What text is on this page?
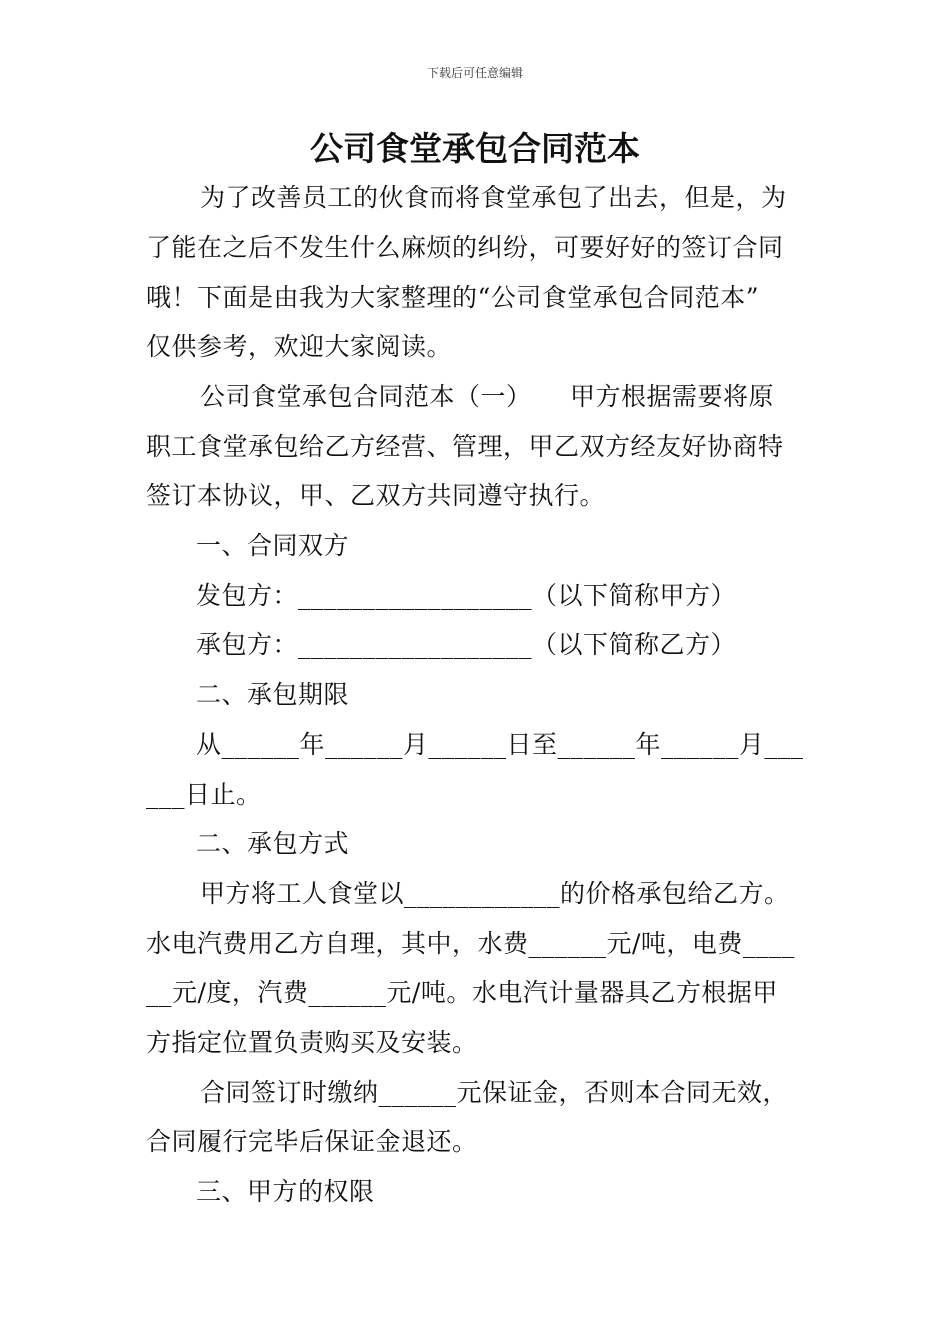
下载后可任意编辑
公司食堂承包合同范本
为了改善员工的伙食而将食堂承包了出去，但是，为
了能在之后不发生什么麻烦的纠纷，可要好好的签订合同
哦！下面是由我为大家整理的“公司食堂承包合同范本”
仅供参考，欢迎大家阅读。
公司食堂承包合同范本（一）　　甲方根据需要将原
职工食堂承包给乙方经营、管理，甲乙双方经友好协商特
签订本协议，甲、乙双方共同遵守执行。
一、合同双方
发包方：__________________（以下简称甲方）
承包方：__________________（以下简称乙方）
二、承包期限
从______年______月______日至______年______月___
___日止。
二、承包方式
甲方将工人食堂以____________的价格承包给乙方。
水电汽费用乙方自理，其中，水费______元/吨，电费____
__元/度，汽费______元/吨。水电汽计量器具乙方根据甲
方指定位置负责购买及安装。
合同签订时缴纳______元保证金，否则本合同无效，
合同履行完毕后保证金退还。
三、甲方的权限
